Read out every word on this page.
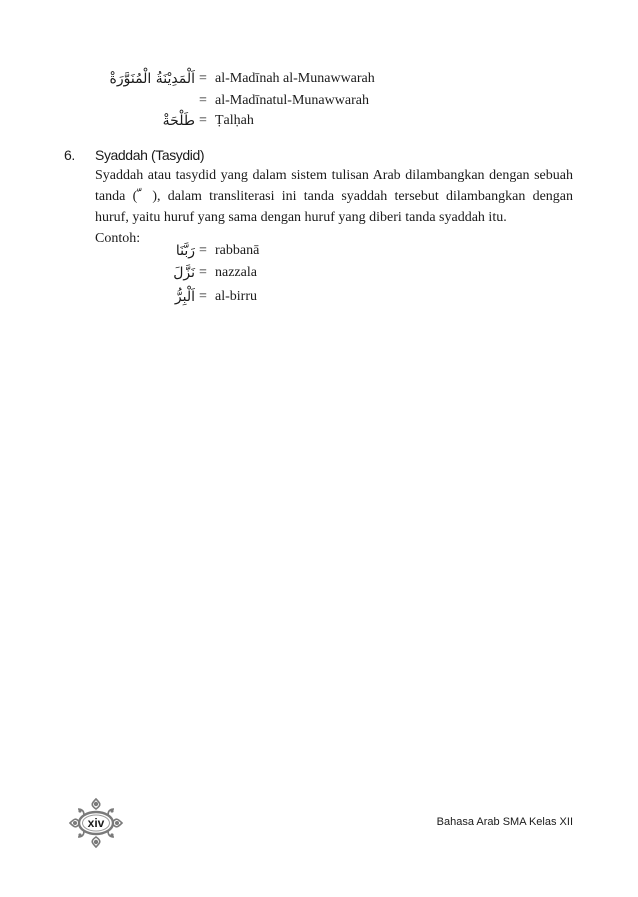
اَلْمَدِيْنَةُ الْمُنَوَّرَةْ = al-Madīnah al-Munawwarah
= al-Madīnatul-Munawwarah
طَلْحَةْ = Ṭalḥah
6. Syaddah (Tasydid)
Syaddah atau tasydid yang dalam sistem tulisan Arab dilambangkan dengan sebuah
tanda ( ّ ), dalam transliterasi ini tanda syaddah tersebut dilambangkan dengan
huruf, yaitu huruf yang sama dengan huruf yang diberi tanda syaddah itu.
Contoh:
رَبَّنَا = rabbanā
نَزَّلَ = nazzala
اَلْبِرُّ = al-birru
xiv	Bahasa Arab SMA Kelas XII
